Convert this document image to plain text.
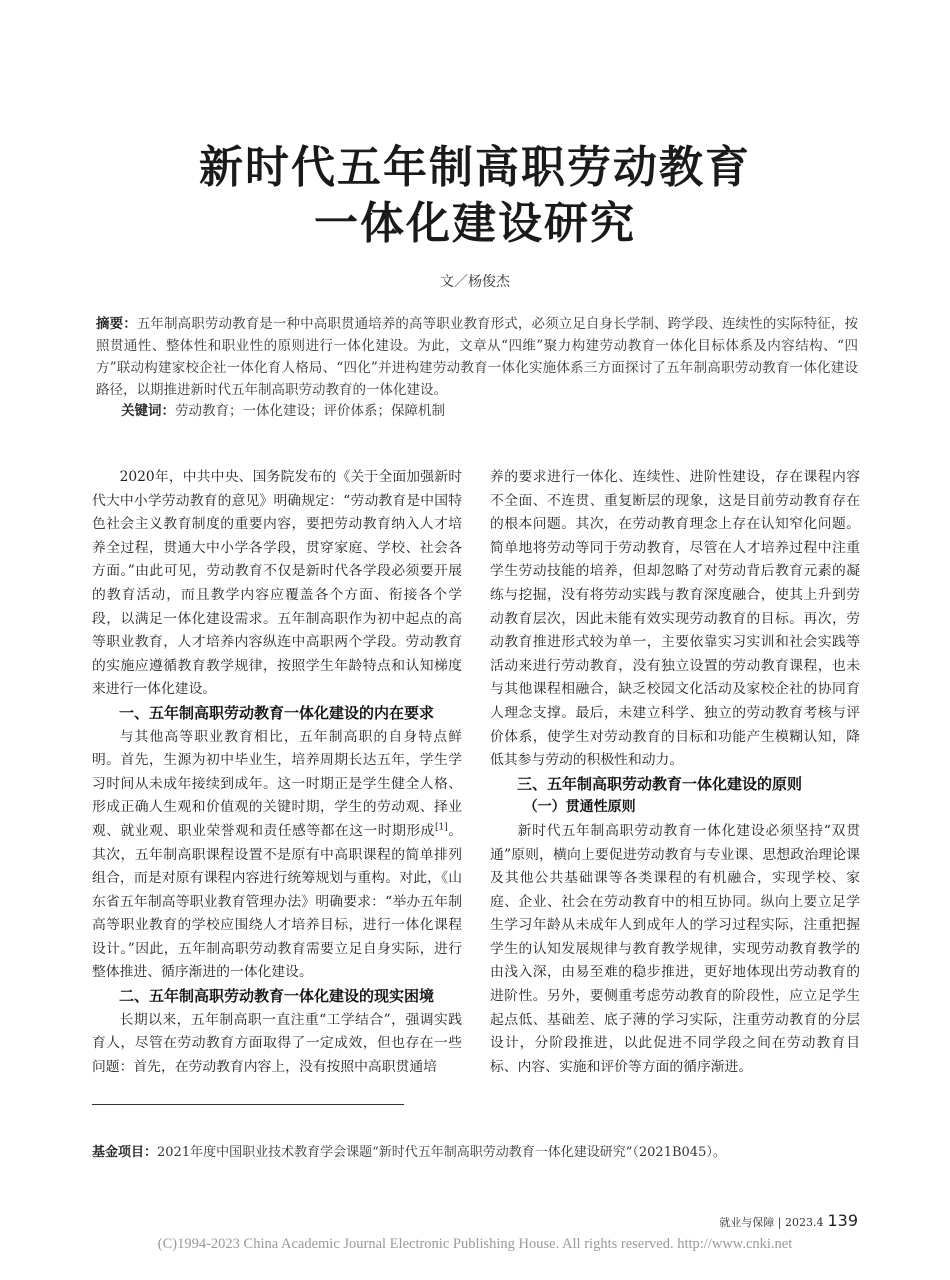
新时代五年制高职劳动教育
一体化建设研究
文／杨俊杰

摘要：五年制高职劳动教育是一种中高职贯通培养的高等职业教育形式，必须立足自身长学制、跨学段、连续性的实际特征，按照贯通性、整体性和职业性的原则进行一体化建设。为此，文章从“四维”聚力构建劳动教育一体化目标体系及内容结构、“四方”联动构建家校企社一体化育人格局、“四化”并进构建劳动教育一体化实施体系三方面探讨了五年制高职劳动教育一体化建设路径，以期推进新时代五年制高职劳动教育的一体化建设。

关键词：劳动教育；一体化建设；评价体系；保障机制

2020年，中共中央、国务院发布的《关于全面加强新时代大中小学劳动教育的意见》明确规定：“劳动教育是中国特色社会主义教育制度的重要内容，要把劳动教育纳入人才培养全过程，贯通大中小学各学段，贯穿家庭、学校、社会各方面。”由此可见，劳动教育不仅是新时代各学段必须要开展的教育活动，而且教学内容应覆盖各个方面、衔接各个学段，以满足一体化建设需求。五年制高职作为初中起点的高等职业教育，人才培养内容纵连中高职两个学段。劳动教育的实施应遵循教育教学规律，按照学生年龄特点和认知梯度来进行一体化建设。

一、五年制高职劳动教育一体化建设的内在要求

与其他高等职业教育相比，五年制高职的自身特点鲜明。首先，生源为初中毕业生，培养周期长达五年，学生学习时间从未成年接续到成年。这一时期正是学生健全人格、形成正确人生观和价值观的关键时期，学生的劳动观、择业观、就业观、职业荣誉观和责任感等都在这一时期形成[1]。其次，五年制高职课程设置不是原有中高职课程的简单排列组合，而是对原有课程内容进行统筹规划与重构。对此，《山东省五年制高等职业教育管理办法》明确要求：“举办五年制高等职业教育的学校应围绕人才培养目标，进行一体化课程设计。”因此，五年制高职劳动教育需要立足自身实际，进行整体推进、循序渐进的一体化建设。

二、五年制高职劳动教育一体化建设的现实困境

长期以来，五年制高职一直注重“工学结合”，强调实践育人，尽管在劳动教育方面取得了一定成效，但也存在一些问题：首先，在劳动教育内容上，没有按照中高职贯通培

养的要求进行一体化、连续性、进阶性建设，存在课程内容不全面、不连贯、重复断层的现象，这是目前劳动教育存在的根本问题。其次，在劳动教育理念上存在认知窄化问题。简单地将劳动等同于劳动教育，尽管在人才培养过程中注重学生劳动技能的培养，但却忽略了对劳动背后教育元素的凝练与挖掘，没有将劳动实践与教育深度融合，使其上升到劳动教育层次，因此未能有效实现劳动教育的目标。再次，劳动教育推进形式较为单一，主要依靠实习实训和社会实践等活动来进行劳动教育，没有独立设置的劳动教育课程，也未与其他课程相融合，缺乏校园文化活动及家校企社的协同育人理念支撑。最后，未建立科学、独立的劳动教育考核与评价体系，使学生对劳动教育的目标和功能产生模糊认知，降低其参与劳动的积极性和动力。

三、五年制高职劳动教育一体化建设的原则
（一）贯通性原则

新时代五年制高职劳动教育一体化建设必须坚持“双贯通”原则，横向上要促进劳动教育与专业课、思想政治理论课及其他公共基础课等各类课程的有机融合，实现学校、家庭、企业、社会在劳动教育中的相互协同。纵向上要立足学生学习年龄从未成年人到成年人的学习过程实际，注重把握学生的认知发展规律与教育教学规律，实现劳动教育教学的由浅入深，由易至难的稳步推进，更好地体现出劳动教育的进阶性。另外，要侧重考虑劳动教育的阶段性，应立足学生起点低、基础差、底子薄的学习实际，注重劳动教育的分层设计，分阶段推进，以此促进不同学段之间在劳动教育目标、内容、实施和评价等方面的循序渐进。

基金项目：2021年度中国职业技术教育学会课题“新时代五年制高职劳动教育一体化建设研究”（2021B045）。
就业与保障 | 2023.4 139
(C)1994-2023 China Academic Journal Electronic Publishing House. All rights reserved. http://www.cnki.net
